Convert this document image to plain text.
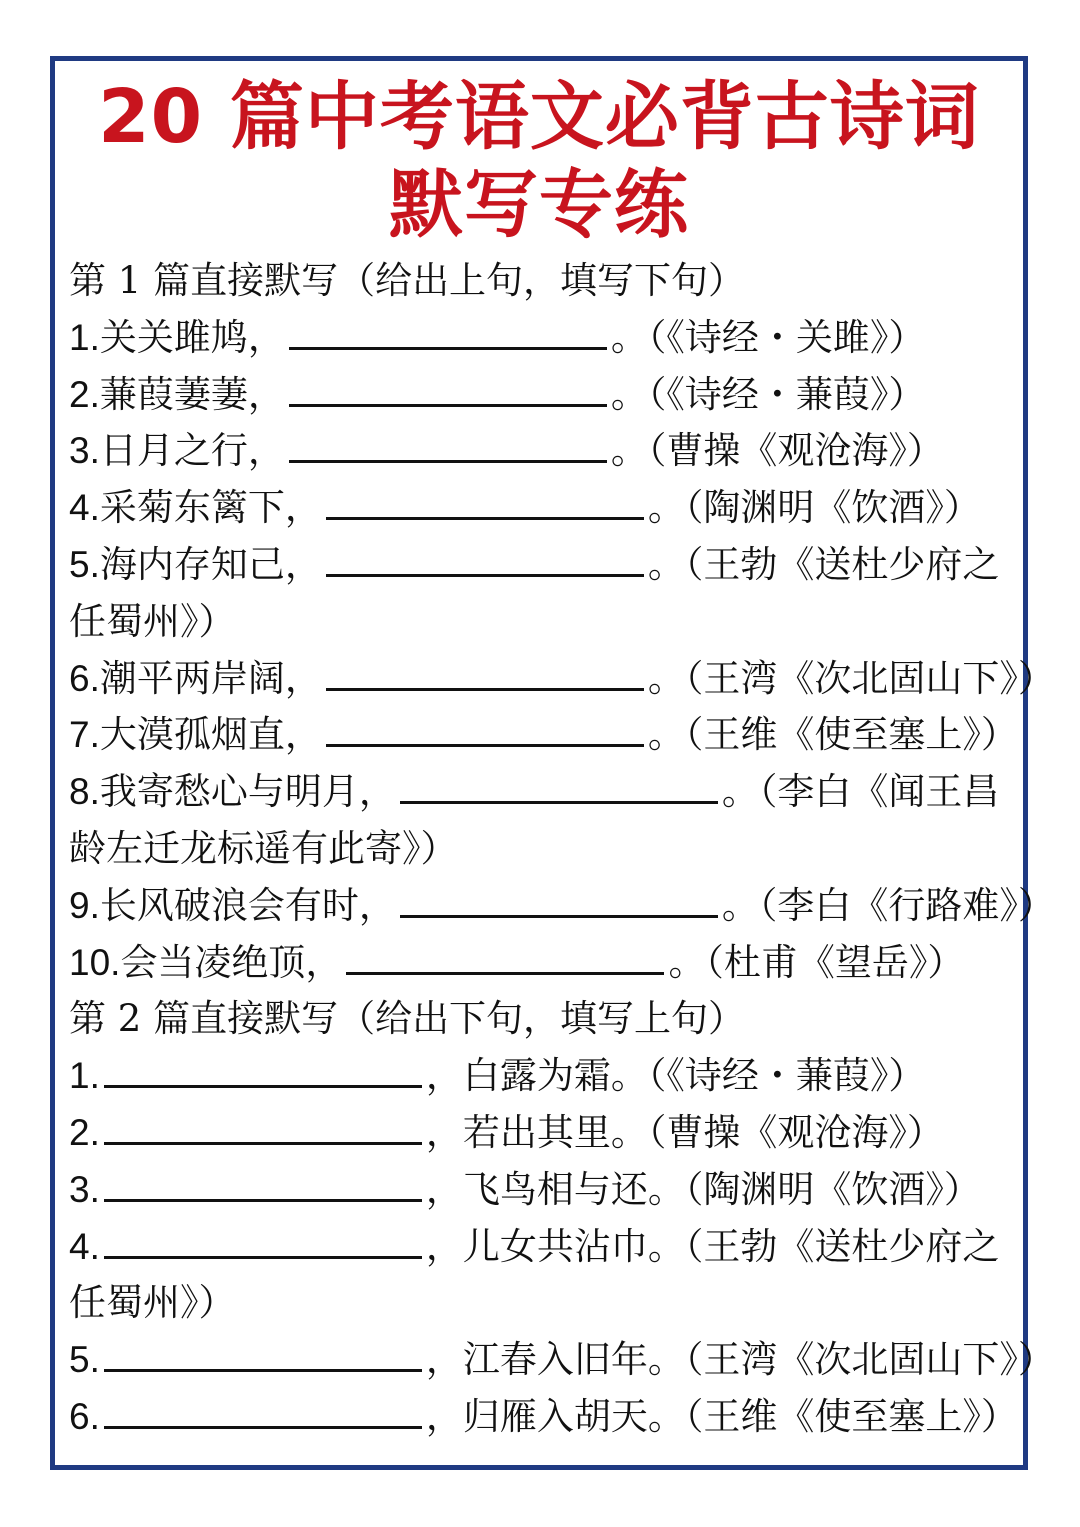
20 篇中考语文必背古诗词
默写专练
第 1 篇直接默写（给出上句，填写下句）
1.关关雎鸠，	。（《诗经・关雎》）
2.蒹葭萋萋，	。（《诗经・蒹葭》）
3.日月之行，	。（曹操《观沧海》）
4.采菊东篱下，	。（陶渊明《饮酒》）
5.海内存知己，	。（王勃《送杜少府之任蜀州》）
6.潮平两岸阔，	。（王湾《次北固山下》）
7.大漠孤烟直，	。（王维《使至塞上》）
8.我寄愁心与明月，	。（李白《闻王昌龄左迁龙标遥有此寄》）
9.长风破浪会有时，	。（李白《行路难》）
10.会当凌绝顶，	。（杜甫《望岳》）
第 2 篇直接默写（给出下句，填写上句）
1.	，白露为霜。（《诗经・蒹葭》）
2.	，若出其里。（曹操《观沧海》）
3.	，飞鸟相与还。（陶渊明《饮酒》）
4.	，儿女共沾巾。（王勃《送杜少府之任蜀州》）
5.	，江春入旧年。（王湾《次北固山下》）
6.	，归雁入胡天。（王维《使至塞上》）
